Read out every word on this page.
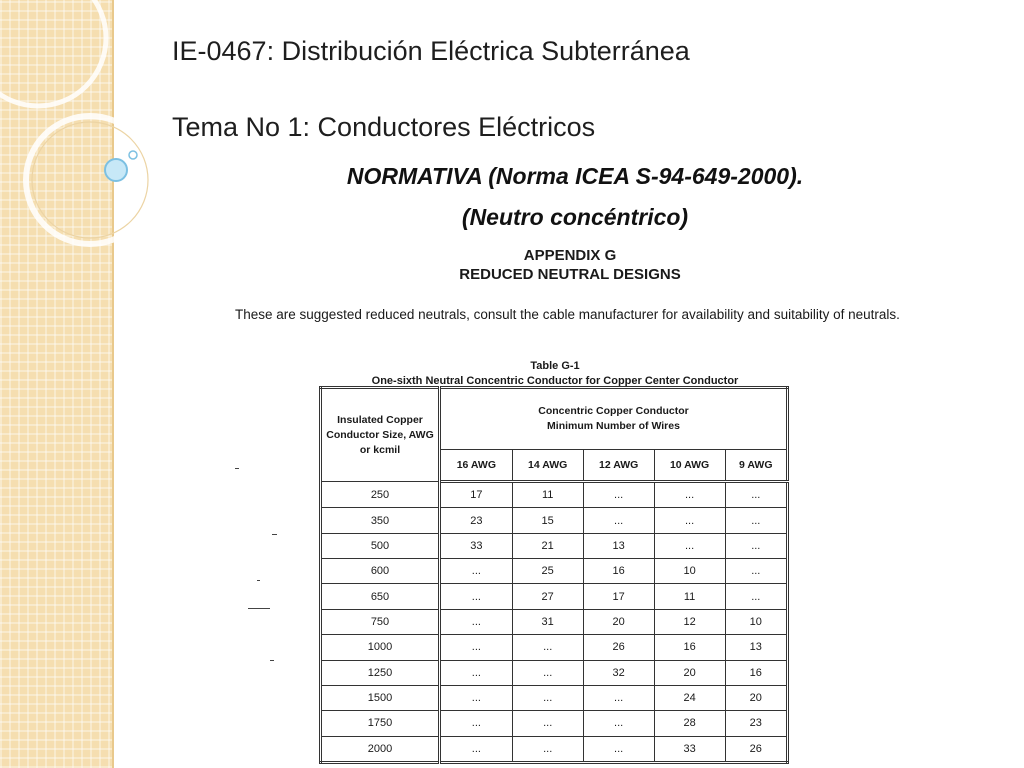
IE-0467: Distribución Eléctrica Subterránea
Tema No 1: Conductores Eléctricos
NORMATIVA (Norma ICEA S-94-649-2000).
(Neutro concéntrico)
APPENDIX G
REDUCED NEUTRAL DESIGNS
These are suggested reduced neutrals, consult the cable manufacturer for availability and suitability of neutrals.
Table G-1
One-sixth Neutral Concentric Conductor for Copper Center Conductor
Insulated Copper Conductor Size, AWG or kcmil	Concentric Copper Conductor
Minimum Number of Wires				
	16 AWG	14 AWG	12 AWG	10 AWG	9 AWG
250	17	11	...	...	...
350	23	15	...	...	...
500	33	21	13	...	...
600	...	25	16	10	...
650	...	27	17	11	...
750	...	31	20	12	10
1000	...	...	26	16	13
1250	...	...	32	20	16
1500	...	...	...	24	20
1750	...	...	...	28	23
2000	...	...	...	33	26
